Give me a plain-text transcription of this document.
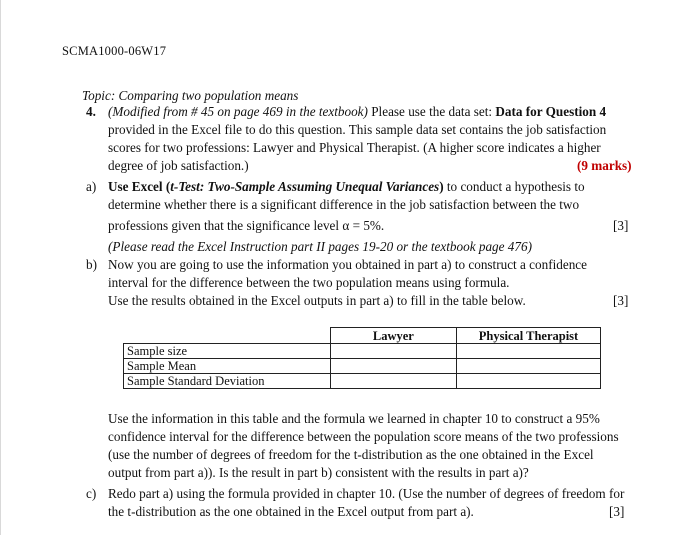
SCMA1000-06W17
Topic: Comparing two population means
4. (Modified from # 45 on page 469 in the textbook) Please use the data set: Data for Question 4
provided in the Excel file to do this question. This sample data set contains the job satisfaction
scores for two professions: Lawyer and Physical Therapist. (A higher score indicates a higher
degree of job satisfaction.)	(9 marks)
a) Use Excel (t-Test: Two-Sample Assuming Unequal Variances) to conduct a hypothesis to
determine whether there is a significant difference in the job satisfaction between the two
professions given that the significance level α = 5%.	[3]
(Please read the Excel Instruction part II pages 19-20 or the textbook page 476)
b) Now you are going to use the information you obtained in part a) to construct a confidence
interval for the difference between the two population means using formula.
Use the results obtained in the Excel outputs in part a) to fill in the table below.	[3]
	Lawyer	Physical Therapist
Sample size		
Sample Mean		
Sample Standard Deviation		
Use the information in this table and the formula we learned in chapter 10 to construct a 95%
confidence interval for the difference between the population score means of the two professions
(use the number of degrees of freedom for the t-distribution as the one obtained in the Excel
output from part a)). Is the result in part b) consistent with the results in part a)?
c) Redo part a) using the formula provided in chapter 10. (Use the number of degrees of freedom for
the t-distribution as the one obtained in the Excel output from part a).	[3]
